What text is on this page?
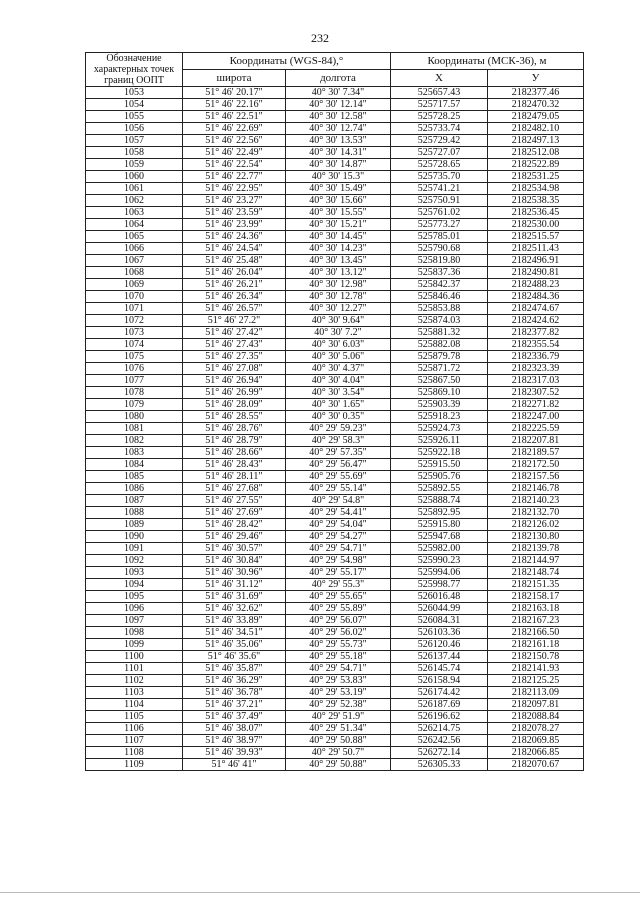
232
Обозначение характерных точек границ ООПТ	Координаты (WGS-84),°		Координаты (МСК-36), м	
	широта	долгота	X	У
1053	51° 46' 20.17"	40° 30' 7.34"	525657.43	2182377.46
1054	51° 46' 22.16"	40° 30' 12.14"	525717.57	2182470.32
1055	51° 46' 22.51"	40° 30' 12.58"	525728.25	2182479.05
1056	51° 46' 22.69"	40° 30' 12.74"	525733.74	2182482.10
1057	51° 46' 22.56"	40° 30' 13.53"	525729.42	2182497.13
1058	51° 46' 22.49"	40° 30' 14.31"	525727.07	2182512.08
1059	51° 46' 22.54"	40° 30' 14.87"	525728.65	2182522.89
1060	51° 46' 22.77"	40° 30' 15.3"	525735.70	2182531.25
1061	51° 46' 22.95"	40° 30' 15.49"	525741.21	2182534.98
1062	51° 46' 23.27"	40° 30' 15.66"	525750.91	2182538.35
1063	51° 46' 23.59"	40° 30' 15.55"	525761.02	2182536.45
1064	51° 46' 23.99"	40° 30' 15.21"	525773.27	2182530.00
1065	51° 46' 24.36"	40° 30' 14.45"	525785.01	2182515.57
1066	51° 46' 24.54"	40° 30' 14.23"	525790.68	2182511.43
1067	51° 46' 25.48"	40° 30' 13.45"	525819.80	2182496.91
1068	51° 46' 26.04"	40° 30' 13.12"	525837.36	2182490.81
1069	51° 46' 26.21"	40° 30' 12.98"	525842.37	2182488.23
1070	51° 46' 26.34"	40° 30' 12.78"	525846.46	2182484.36
1071	51° 46' 26.57"	40° 30' 12.27"	525853.88	2182474.67
1072	51° 46' 27.2"	40° 30' 9.64"	525874.03	2182424.62
1073	51° 46' 27.42"	40° 30' 7.2"	525881.32	2182377.82
1074	51° 46' 27.43"	40° 30' 6.03"	525882.08	2182355.54
1075	51° 46' 27.35"	40° 30' 5.06"	525879.78	2182336.79
1076	51° 46' 27.08"	40° 30' 4.37"	525871.72	2182323.39
1077	51° 46' 26.94"	40° 30' 4.04"	525867.50	2182317.03
1078	51° 46' 26.99"	40° 30' 3.54"	525869.10	2182307.52
1079	51° 46' 28.09"	40° 30' 1.65"	525903.39	2182271.82
1080	51° 46' 28.55"	40° 30' 0.35"	525918.23	2182247.00
1081	51° 46' 28.76"	40° 29' 59.23"	525924.73	2182225.59
1082	51° 46' 28.79"	40° 29' 58.3"	525926.11	2182207.81
1083	51° 46' 28.66"	40° 29' 57.35"	525922.18	2182189.57
1084	51° 46' 28.43"	40° 29' 56.47"	525915.50	2182172.50
1085	51° 46' 28.11"	40° 29' 55.69"	525905.76	2182157.56
1086	51° 46' 27.68"	40° 29' 55.14"	525892.55	2182146.78
1087	51° 46' 27.55"	40° 29' 54.8"	525888.74	2182140.23
1088	51° 46' 27.69"	40° 29' 54.41"	525892.95	2182132.70
1089	51° 46' 28.42"	40° 29' 54.04"	525915.80	2182126.02
1090	51° 46' 29.46"	40° 29' 54.27"	525947.68	2182130.80
1091	51° 46' 30.57"	40° 29' 54.71"	525982.00	2182139.78
1092	51° 46' 30.84"	40° 29' 54.98"	525990.23	2182144.97
1093	51° 46' 30.96"	40° 29' 55.17"	525994.06	2182148.74
1094	51° 46' 31.12"	40° 29' 55.3"	525998.77	2182151.35
1095	51° 46' 31.69"	40° 29' 55.65"	526016.48	2182158.17
1096	51° 46' 32.62"	40° 29' 55.89"	526044.99	2182163.18
1097	51° 46' 33.89"	40° 29' 56.07"	526084.31	2182167.23
1098	51° 46' 34.51"	40° 29' 56.02"	526103.36	2182166.50
1099	51° 46' 35.06"	40° 29' 55.73"	526120.46	2182161.18
1100	51° 46' 35.6"	40° 29' 55.18"	526137.44	2182150.78
1101	51° 46' 35.87"	40° 29' 54.71"	526145.74	2182141.93
1102	51° 46' 36.29"	40° 29' 53.83"	526158.94	2182125.25
1103	51° 46' 36.78"	40° 29' 53.19"	526174.42	2182113.09
1104	51° 46' 37.21"	40° 29' 52.38"	526187.69	2182097.81
1105	51° 46' 37.49"	40° 29' 51.9"	526196.62	2182088.84
1106	51° 46' 38.07"	40° 29' 51.34"	526214.75	2182078.27
1107	51° 46' 38.97"	40° 29' 50.88"	526242.56	2182069.85
1108	51° 46' 39.93"	40° 29' 50.7"	526272.14	2182066.85
1109	51° 46' 41"	40° 29' 50.88"	526305.33	2182070.67
